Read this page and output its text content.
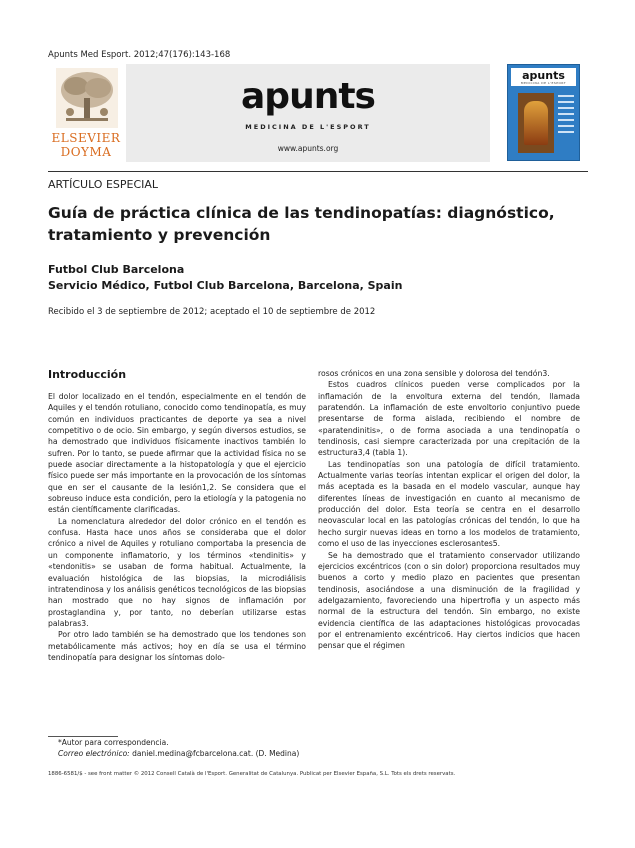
Apunts Med Esport. 2012;47(176):143-168
ELSEVIER
DOYMA
apunts
MEDICINA DE L'ESPORT
www.apunts.org
apunts
MEDICINA DE L'ESPORT
ARTÍCULO ESPECIAL
Guía de práctica clínica de las tendinopatías: diagnóstico, tratamiento y prevención
Futbol Club Barcelona
Servicio Médico, Futbol Club Barcelona, Barcelona, Spain
Recibido el 3 de septiembre de 2012; aceptado el 10 de septiembre de 2012
Introducción

El dolor localizado en el tendón, especialmente en el tendón de Aquiles y el tendón rotuliano, conocido como tendinopatía, es muy común en individuos practicantes de deporte ya sea a nivel competitivo o de ocio. Sin embargo, y según diversos estudios, se ha demostrado que individuos físicamente inactivos también lo sufren. Por lo tanto, se puede afirmar que la actividad física no se puede asociar directamente a la histopatología y que el ejercicio físico puede ser más importante en la provocación de los síntomas que en ser el causante de la lesión1,2. Se considera que el sobreuso induce esta condición, pero la etiología y la patogenia no están científicamente clarificadas.

La nomenclatura alrededor del dolor crónico en el tendón es confusa. Hasta hace unos años se consideraba que el dolor crónico a nivel de Aquiles y rotuliano comportaba la presencia de un componente inflamatorio, y los términos «tendinitis» y «tendonitis» se usaban de forma habitual. Actualmente, la evaluación histológica de las biopsias, la microdiálisis intratendinosa y los análisis genéticos tecnológicos de las biopsias han mostrado que no hay signos de inflamación por prostaglandina y, por tanto, no deberían utilizarse estas palabras3.

Por otro lado también se ha demostrado que los tendones son metabólicamente más activos; hoy en día se usa el término tendinopatía para designar los síntomas dolo-

rosos crónicos en una zona sensible y dolorosa del tendón3.

Estos cuadros clínicos pueden verse complicados por la inflamación de la envoltura externa del tendón, llamada paratendón. La inflamación de este envoltorio conjuntivo puede presentarse de forma aislada, recibiendo el nombre de «paratendinitis», o de forma asociada a una tendinopatía o tendinosis, casi siempre caracterizada por una crepitación de la estructura3,4 (tabla 1).

Las tendinopatías son una patología de difícil tratamiento. Actualmente varias teorías intentan explicar el origen del dolor, la más aceptada es la basada en el modelo vascular, aunque hay diferentes líneas de investigación en cuanto al mecanismo de producción del dolor. Esta teoría se centra en el desarrollo neovascular local en las patologías crónicas del tendón, lo que ha hecho surgir nuevas ideas en torno a los modelos de tratamiento, como el uso de las inyecciones esclerosantes5.

Se ha demostrado que el tratamiento conservador utilizando ejercicios excéntricos (con o sin dolor) proporciona resultados muy buenos a corto y medio plazo en pacientes que presentan tendinosis, asociándose a una disminución de la fragilidad y adelgazamiento, favoreciendo una hipertrofia y un aspecto más normal de la estructura del tendón. Sin embargo, no existe evidencia científica de las adaptaciones histológicas provocadas por el entrenamiento excéntrico6. Hay ciertos indicios que hacen pensar que el régimen

*Autor para correspondencia.
Correo electrónico: daniel.medina@fcbarcelona.cat. (D. Medina)
1886-6581/$ - see front matter © 2012 Consell Català de l'Esport. Generalitat de Catalunya. Publicat per Elsevier España, S.L. Tots els drets reservats.
